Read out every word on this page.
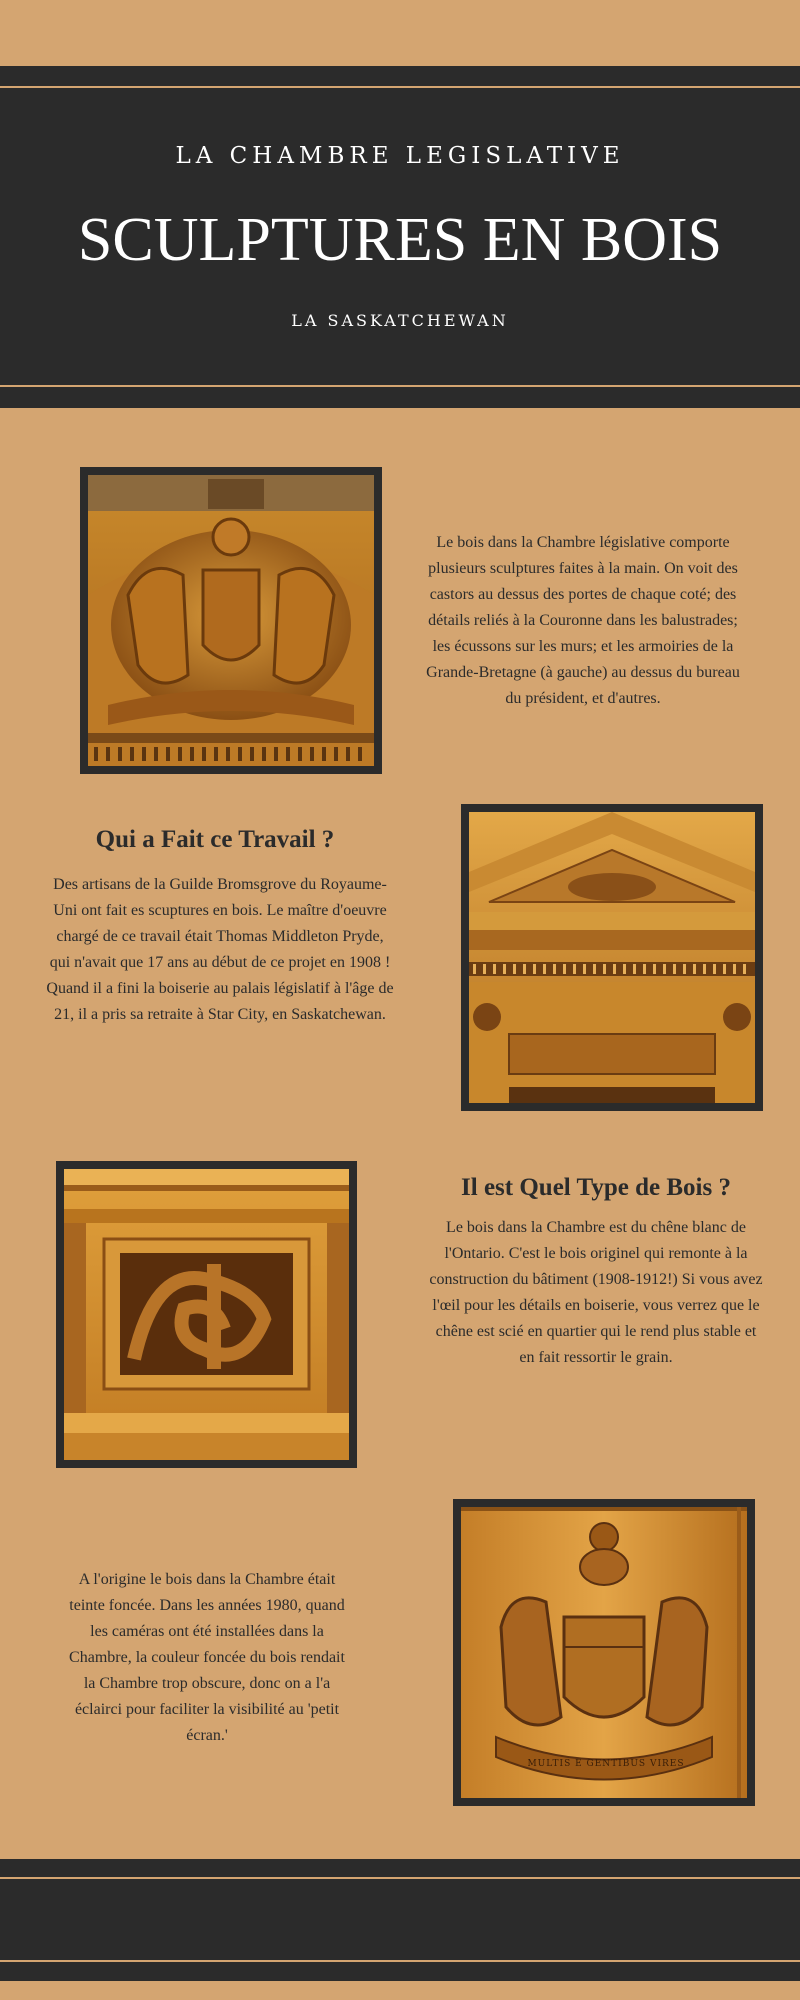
LA CHAMBRE LEGISLATIVE
SCULPTURES EN BOIS
LA SASKATCHEWAN
Le bois dans la Chambre législative comporte plusieurs sculptures faites à la main. On voit des castors au dessus des portes de chaque coté; des détails reliés à la Couronne dans les balustrades; les écussons sur les murs; et les armoiries de la Grande-Bretagne (à gauche) au dessus du bureau du président, et d'autres.
Qui a Fait ce Travail ?
Des artisans de la Guilde Bromsgrove du Royaume-Uni ont fait es scuptures en bois. Le maître d'oeuvre chargé de ce travail était Thomas Middleton Pryde, qui n'avait que 17 ans au début de ce projet en 1908 ! Quand il a fini la boiserie au palais législatif à l'âge de 21, il a pris sa retraite à Star City, en Saskatchewan.
Il est Quel Type de Bois ?
Le bois dans la Chambre est du chêne blanc de l'Ontario. C'est le bois originel qui remonte à la construction du bâtiment (1908-1912!) Si vous avez l'œil pour les détails en boiserie, vous verrez que le chêne est scié en quartier qui le rend plus stable et en fait ressortir le grain.
A l'origine le bois dans la Chambre était teinte foncée. Dans les années 1980, quand les caméras ont été installées dans la Chambre, la couleur foncée du bois rendait la Chambre trop obscure, donc on a l'a éclairci pour faciliter la visibilité au 'petit écran.'
MULTIS E GENTIBUS VIRES
